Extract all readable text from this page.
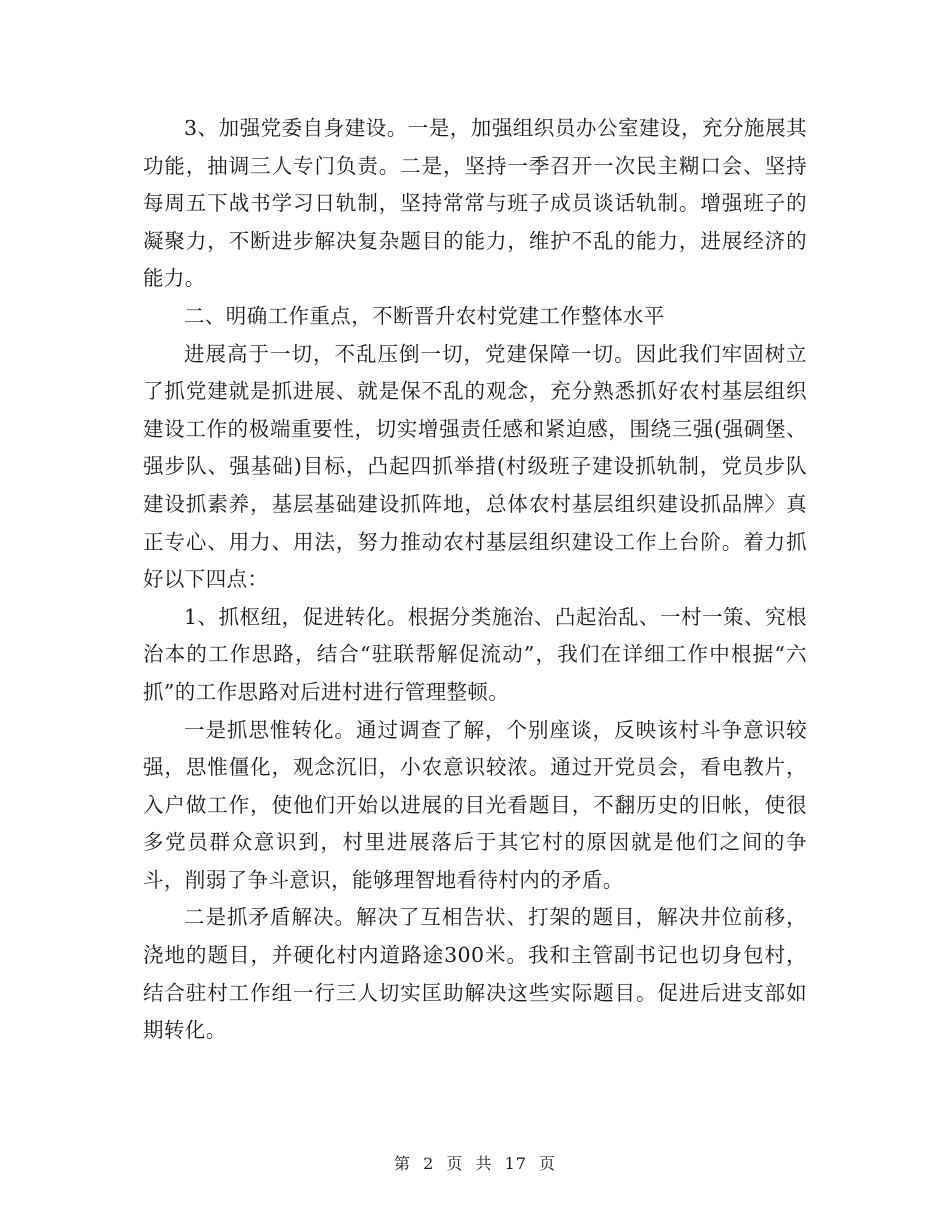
3、加强党委自身建设。一是，加强组织员办公室建设，充分施展其功能，抽调三人专门负责。二是，坚持一季召开一次民主糊口会、坚持每周五下战书学习日轨制，坚持常常与班子成员谈话轨制。增强班子的凝聚力，不断进步解决复杂题目的能力，维护不乱的能力，进展经济的能力。

二、明确工作重点，不断晋升农村党建工作整体水平

进展高于一切，不乱压倒一切，党建保障一切。因此我们牢固树立了抓党建就是抓进展、就是保不乱的观念，充分熟悉抓好农村基层组织建设工作的极端重要性，切实增强责任感和紧迫感，围绕三强(强碉堡、强步队、强基础)目标，凸起四抓举措(村级班子建设抓轨制，党员步队建设抓素养，基层基础建设抓阵地，总体农村基层组织建设抓品牌〉真正专心、用力、用法，努力推动农村基层组织建设工作上台阶。着力抓好以下四点：

1、抓枢纽，促进转化。根据分类施治、凸起治乱、一村一策、究根治本的工作思路，结合“驻联帮解促流动”，我们在详细工作中根据“六抓”的工作思路对后进村进行管理整顿。

一是抓思惟转化。通过调查了解，个别座谈，反映该村斗争意识较强，思惟僵化，观念沉旧，小农意识较浓。通过开党员会，看电教片，入户做工作，使他们开始以进展的目光看题目，不翻历史的旧帐，使很多党员群众意识到，村里进展落后于其它村的原因就是他们之间的争斗，削弱了争斗意识，能够理智地看待村内的矛盾。

二是抓矛盾解决。解决了互相告状、打架的题目，解决井位前移，浇地的题目，并硬化村内道路途300米。我和主管副书记也切身包村，结合驻村工作组一行三人切实匡助解决这些实际题目。促进后进支部如期转化。

第 2 页 共 17 页
